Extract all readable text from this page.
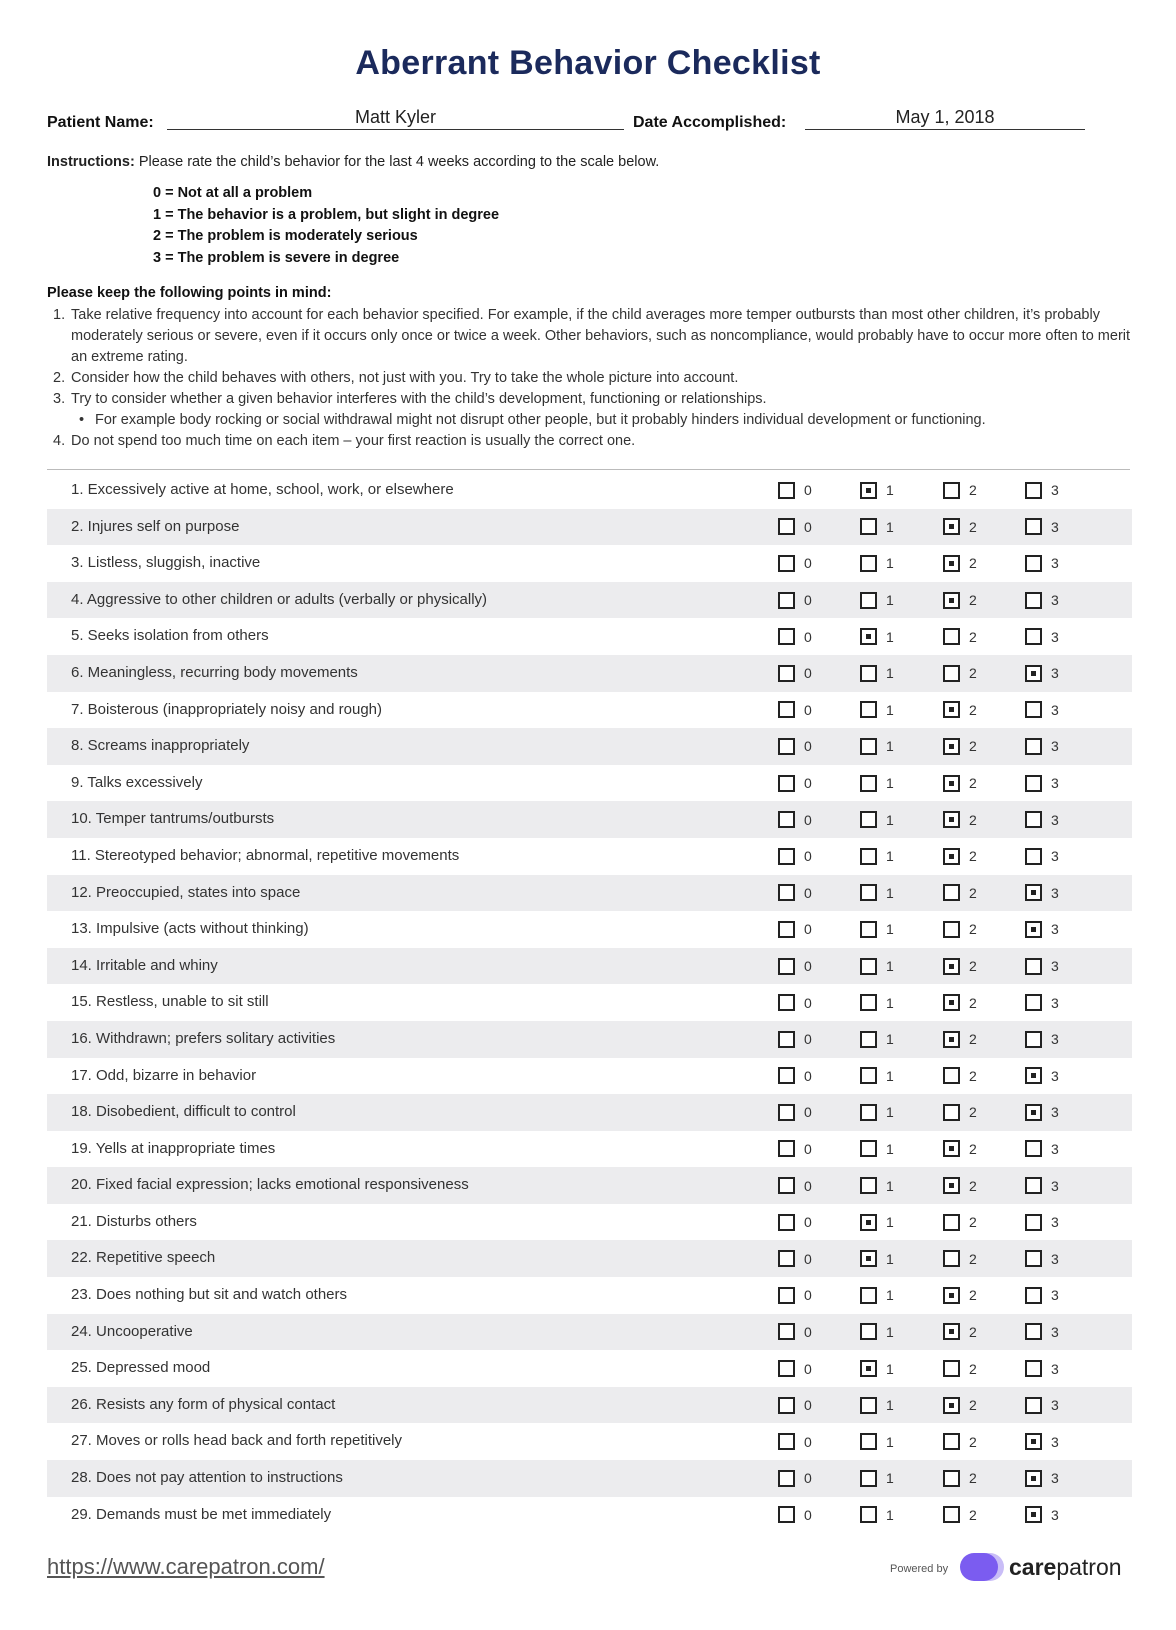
Aberrant Behavior Checklist
Patient Name:	Matt Kyler	Date Accomplished:	May 1, 2018
Instructions: Please rate the child’s behavior for the last 4 weeks according to the scale below.
0 = Not at all a problem
1 = The behavior is a problem, but slight in degree
2 = The problem is moderately serious
3 = The problem is severe in degree
Please keep the following points in mind:
1. Take relative frequency into account for each behavior specified. For example, if the child averages more temper outbursts than most other children, it’s probably moderately serious or severe, even if it occurs only once or twice a week. Other behaviors, such as noncompliance, would probably have to occur more often to merit an extreme rating.
2. Consider how the child behaves with others, not just with you. Try to take the whole picture into account.
3. Try to consider whether a given behavior interferes with the child’s development, functioning or relationships.
• For example body rocking or social withdrawal might not disrupt other people, but it probably hinders individual development or functioning.
4. Do not spend too much time on each item – your first reaction is usually the correct one.
1. Excessively active at home, school, work, or elsewhere	0	1	2	3
2. Injures self on purpose	0	1	2	3
3. Listless, sluggish, inactive	0	1	2	3
4. Aggressive to other children or adults (verbally or physically)	0	1	2	3
5. Seeks isolation from others	0	1	2	3
6. Meaningless, recurring body movements	0	1	2	3
7. Boisterous (inappropriately noisy and rough)	0	1	2	3
8. Screams inappropriately	0	1	2	3
9. Talks excessively	0	1	2	3
10. Temper tantrums/outbursts	0	1	2	3
11. Stereotyped behavior; abnormal, repetitive movements	0	1	2	3
12. Preoccupied, states into space	0	1	2	3
13. Impulsive (acts without thinking)	0	1	2	3
14. Irritable and whiny	0	1	2	3
15. Restless, unable to sit still	0	1	2	3
16. Withdrawn; prefers solitary activities	0	1	2	3
17. Odd, bizarre in behavior	0	1	2	3
18. Disobedient, difficult to control	0	1	2	3
19. Yells at inappropriate times	0	1	2	3
20. Fixed facial expression; lacks emotional responsiveness	0	1	2	3
21. Disturbs others	0	1	2	3
22. Repetitive speech	0	1	2	3
23. Does nothing but sit and watch others	0	1	2	3
24. Uncooperative	0	1	2	3
25. Depressed mood	0	1	2	3
26. Resists any form of physical contact	0	1	2	3
27. Moves or rolls head back and forth repetitively	0	1	2	3
28. Does not pay attention to instructions	0	1	2	3
29. Demands must be met immediately	0	1	2	3
https://www.carepatron.com/	Powered by	carepatron
